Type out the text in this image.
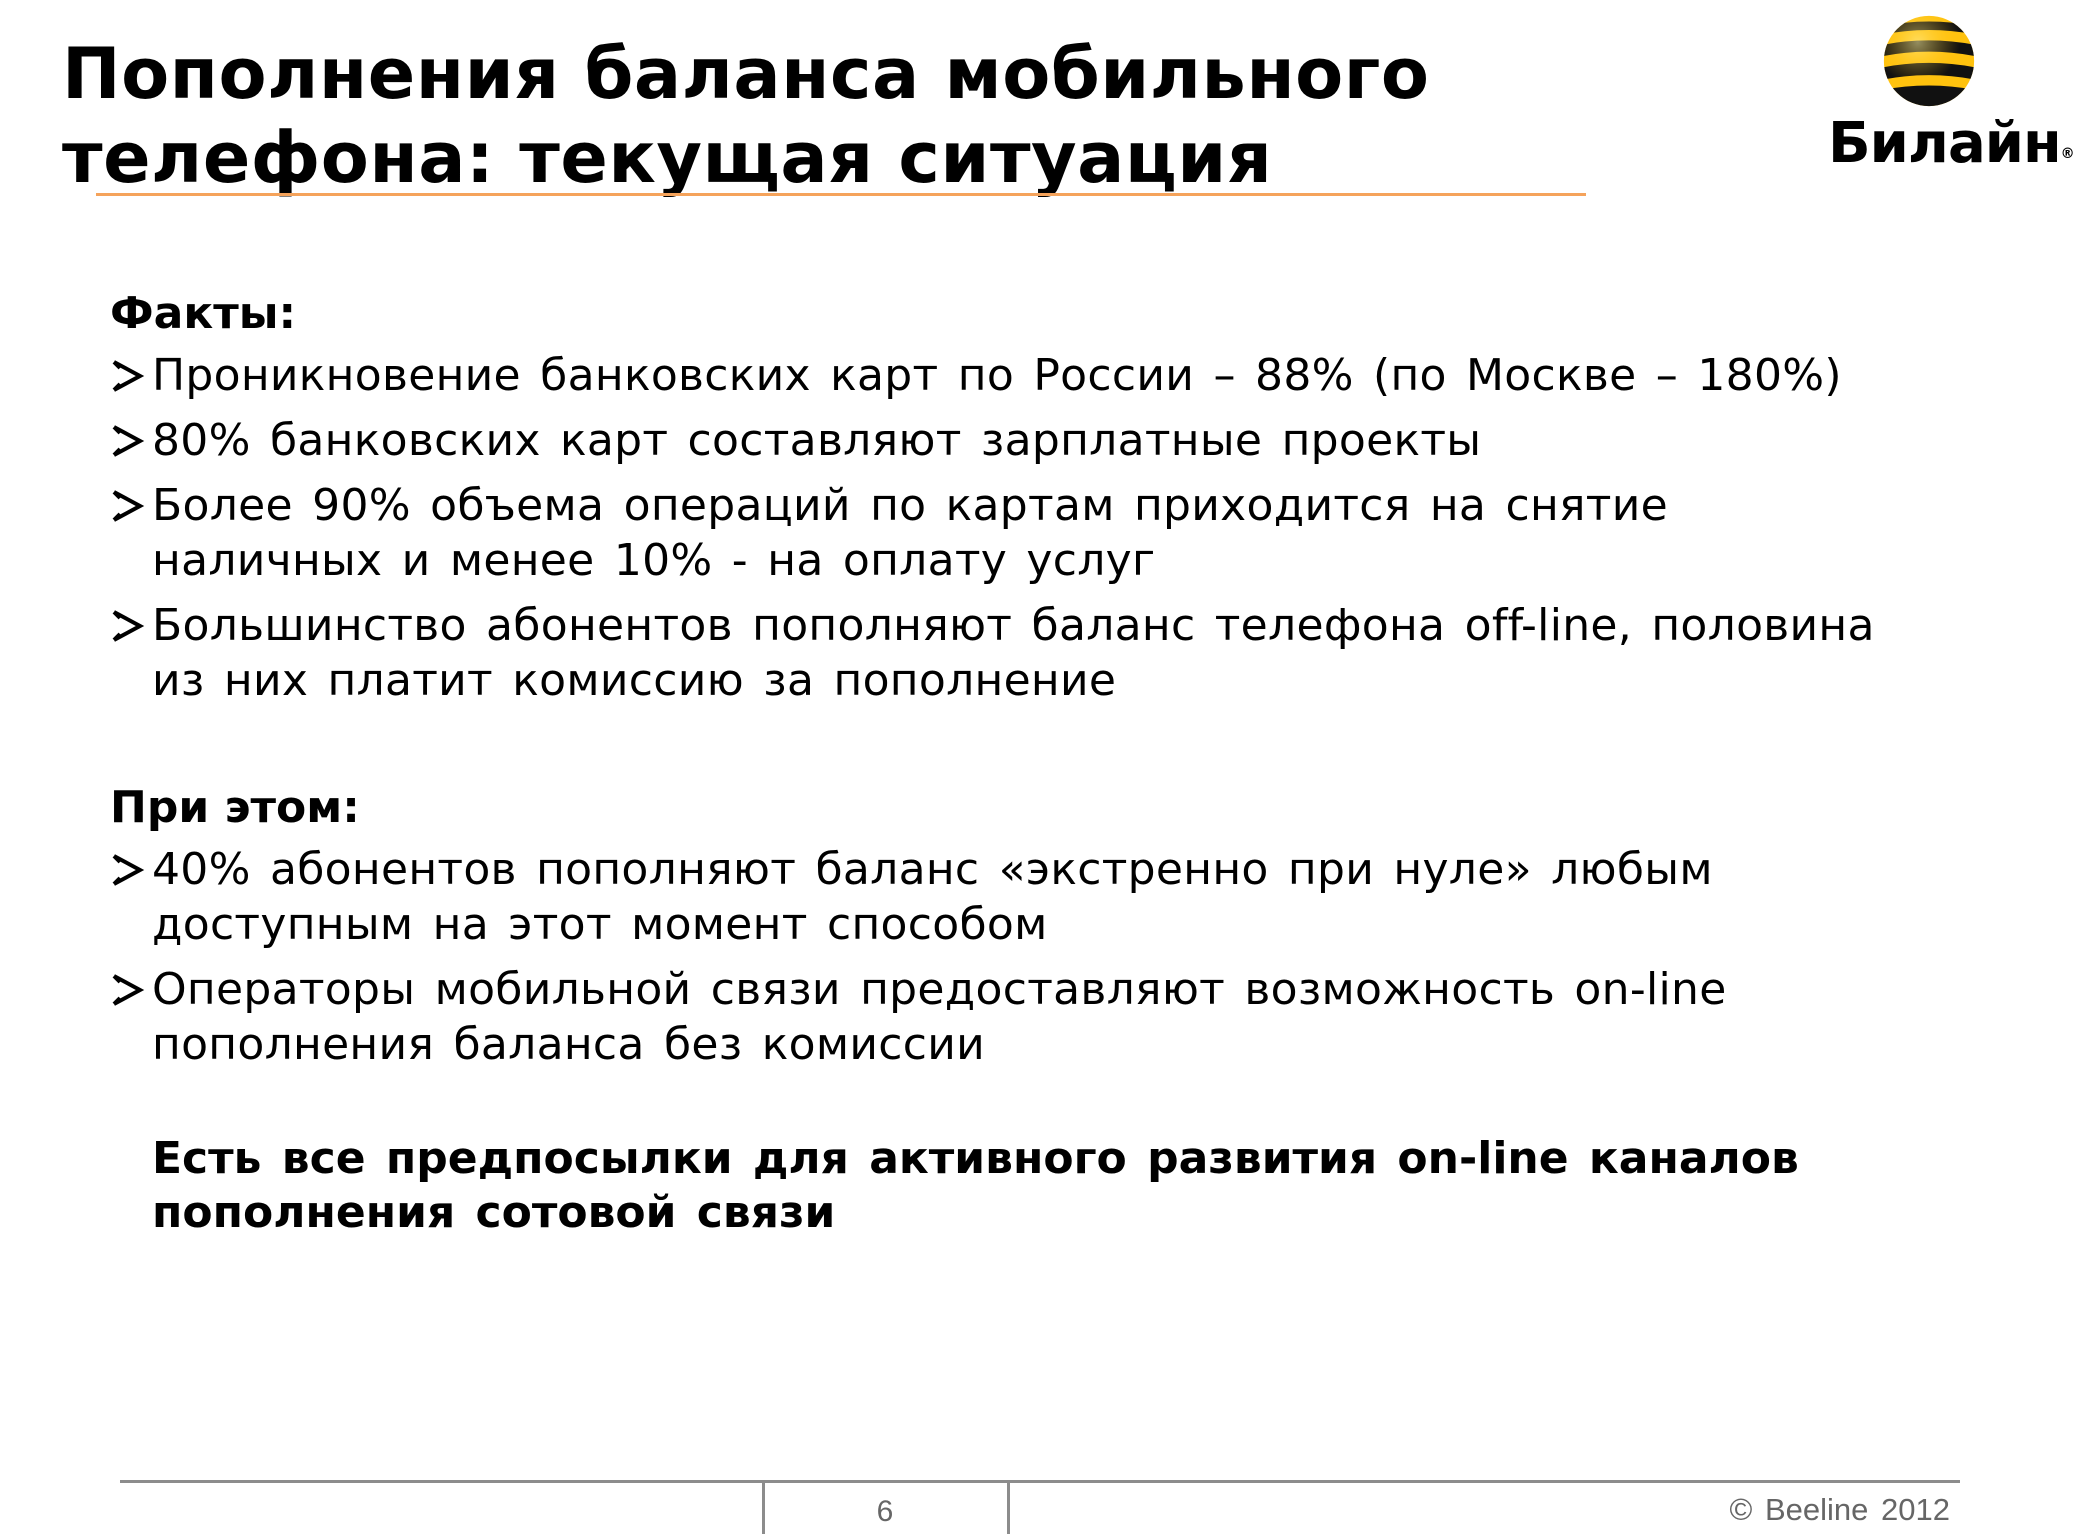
Пополнения баланса мобильного телефона: текущая ситуация	Билайн®
Факты:
Проникновение банковских карт по России – 88% (по Москве – 180%)
80% банковских карт составляют зарплатные проекты
Более 90% объема операций по картам приходится на снятие наличных и менее 10% - на оплату услуг
Большинство абонентов пополняют баланс телефона off-line, половина из них платит комиссию за пополнение
При этом:
40% абонентов пополняют баланс «экстренно при нуле» любым доступным на этот момент способом
Операторы мобильной связи предоставляют возможность on-line пополнения баланса без комиссии
Есть все предпосылки для активного развития on-line каналов пополнения сотовой связи
6	© Beeline 2012
